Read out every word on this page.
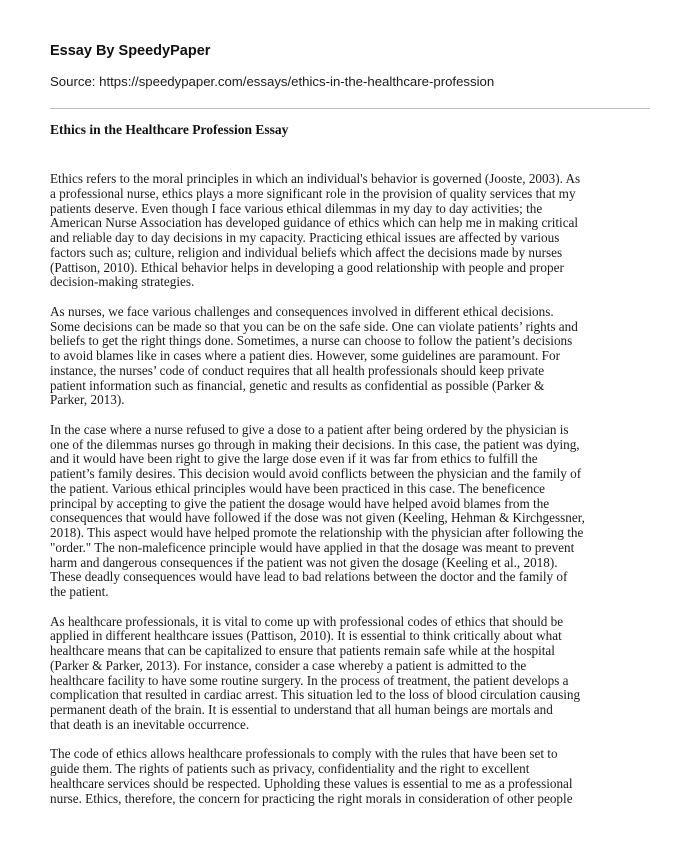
Essay By SpeedyPaper
Source: https://speedypaper.com/essays/ethics-in-the-healthcare-profession
Ethics in the Healthcare Profession Essay

Ethics refers to the moral principles in which an individual's behavior is governed (Jooste, 2003). As
a professional nurse, ethics plays a more significant role in the provision of quality services that my
patients deserve. Even though I face various ethical dilemmas in my day to day activities; the
American Nurse Association has developed guidance of ethics which can help me in making critical
and reliable day to day decisions in my capacity. Practicing ethical issues are affected by various
factors such as; culture, religion and individual beliefs which affect the decisions made by nurses
(Pattison, 2010). Ethical behavior helps in developing a good relationship with people and proper
decision-making strategies.

As nurses, we face various challenges and consequences involved in different ethical decisions.
Some decisions can be made so that you can be on the safe side. One can violate patients’ rights and
beliefs to get the right things done. Sometimes, a nurse can choose to follow the patient’s decisions
to avoid blames like in cases where a patient dies. However, some guidelines are paramount. For
instance, the nurses’ code of conduct requires that all health professionals should keep private
patient information such as financial, genetic and results as confidential as possible (Parker &
Parker, 2013).

In the case where a nurse refused to give a dose to a patient after being ordered by the physician is
one of the dilemmas nurses go through in making their decisions. In this case, the patient was dying,
and it would have been right to give the large dose even if it was far from ethics to fulfill the
patient’s family desires. This decision would avoid conflicts between the physician and the family of
the patient. Various ethical principles would have been practiced in this case. The beneficence
principal by accepting to give the patient the dosage would have helped avoid blames from the
consequences that would have followed if the dose was not given (Keeling, Hehman & Kirchgessner,
2018). This aspect would have helped promote the relationship with the physician after following the
"order." The non-maleficence principle would have applied in that the dosage was meant to prevent
harm and dangerous consequences if the patient was not given the dosage (Keeling et al., 2018).
These deadly consequences would have lead to bad relations between the doctor and the family of
the patient.

As healthcare professionals, it is vital to come up with professional codes of ethics that should be
applied in different healthcare issues (Pattison, 2010). It is essential to think critically about what
healthcare means that can be capitalized to ensure that patients remain safe while at the hospital
(Parker & Parker, 2013). For instance, consider a case whereby a patient is admitted to the
healthcare facility to have some routine surgery. In the process of treatment, the patient develops a
complication that resulted in cardiac arrest. This situation led to the loss of blood circulation causing
permanent death of the brain. It is essential to understand that all human beings are mortals and
that death is an inevitable occurrence.

The code of ethics allows healthcare professionals to comply with the rules that have been set to
guide them. The rights of patients such as privacy, confidentiality and the right to excellent
healthcare services should be respected. Upholding these values is essential to me as a professional
nurse. Ethics, therefore, the concern for practicing the right morals in consideration of other people
